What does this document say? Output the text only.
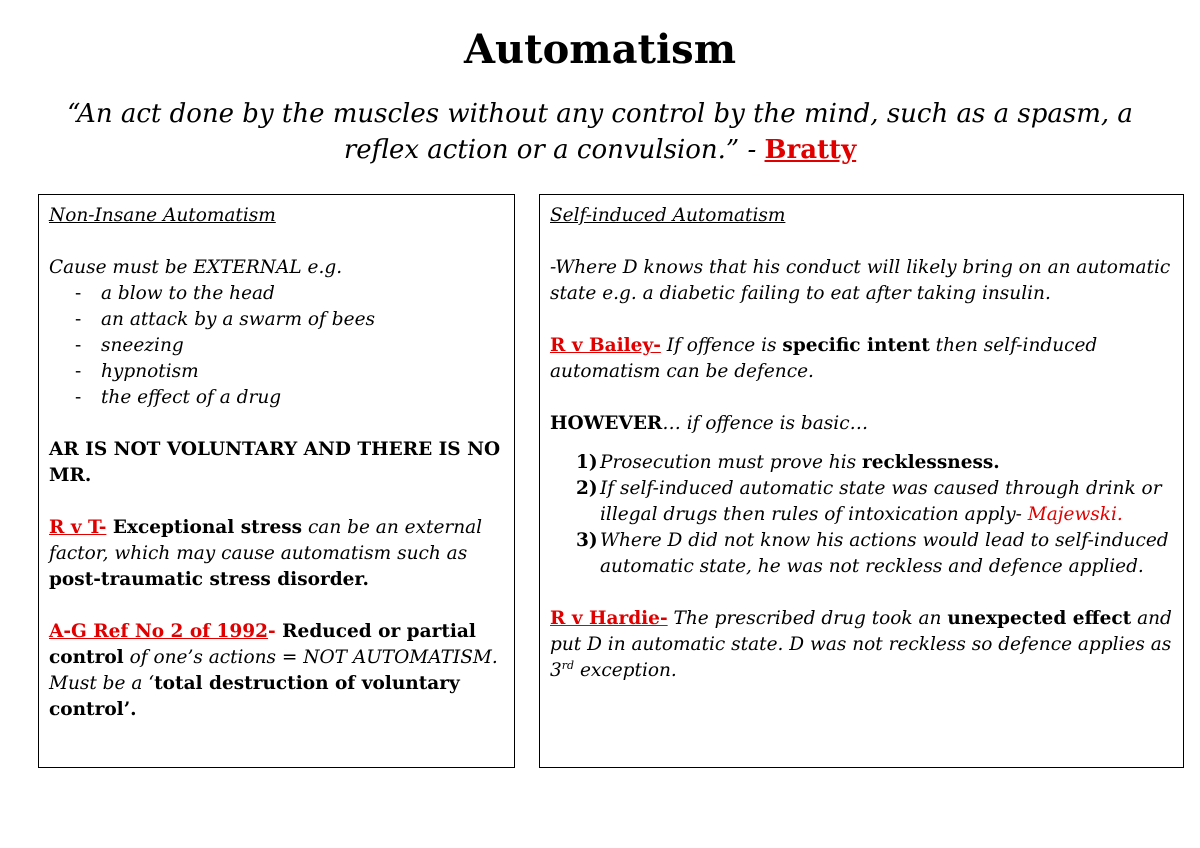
Automatism
“An act done by the muscles without any control by the mind, such as a spasm, a reflex action or a convulsion.” - Bratty
Non-Insane Automatism
Cause must be EXTERNAL e.g.
- a blow to the head
- an attack by a swarm of bees
- sneezing
- hypnotism
- the effect of a drug
AR IS NOT VOLUNTARY AND THERE IS NO MR.
R v T- Exceptional stress can be an external factor, which may cause automatism such as post-traumatic stress disorder.
A-G Ref No 2 of 1992- Reduced or partial control of one’s actions = NOT AUTOMATISM. Must be a ‘total destruction of voluntary control’.
Self-induced Automatism
-Where D knows that his conduct will likely bring on an automatic state e.g. a diabetic failing to eat after taking insulin.
R v Bailey- If offence is specific intent then self-induced automatism can be defence.
HOWEVER… if offence is basic…
1) Prosecution must prove his recklessness.
2) If self-induced automatic state was caused through drink or illegal drugs then rules of intoxication apply- Majewski.
3) Where D did not know his actions would lead to self-induced automatic state, he was not reckless and defence applied.
R v Hardie- The prescribed drug took an unexpected effect and put D in automatic state. D was not reckless so defence applies as 3rd exception.
